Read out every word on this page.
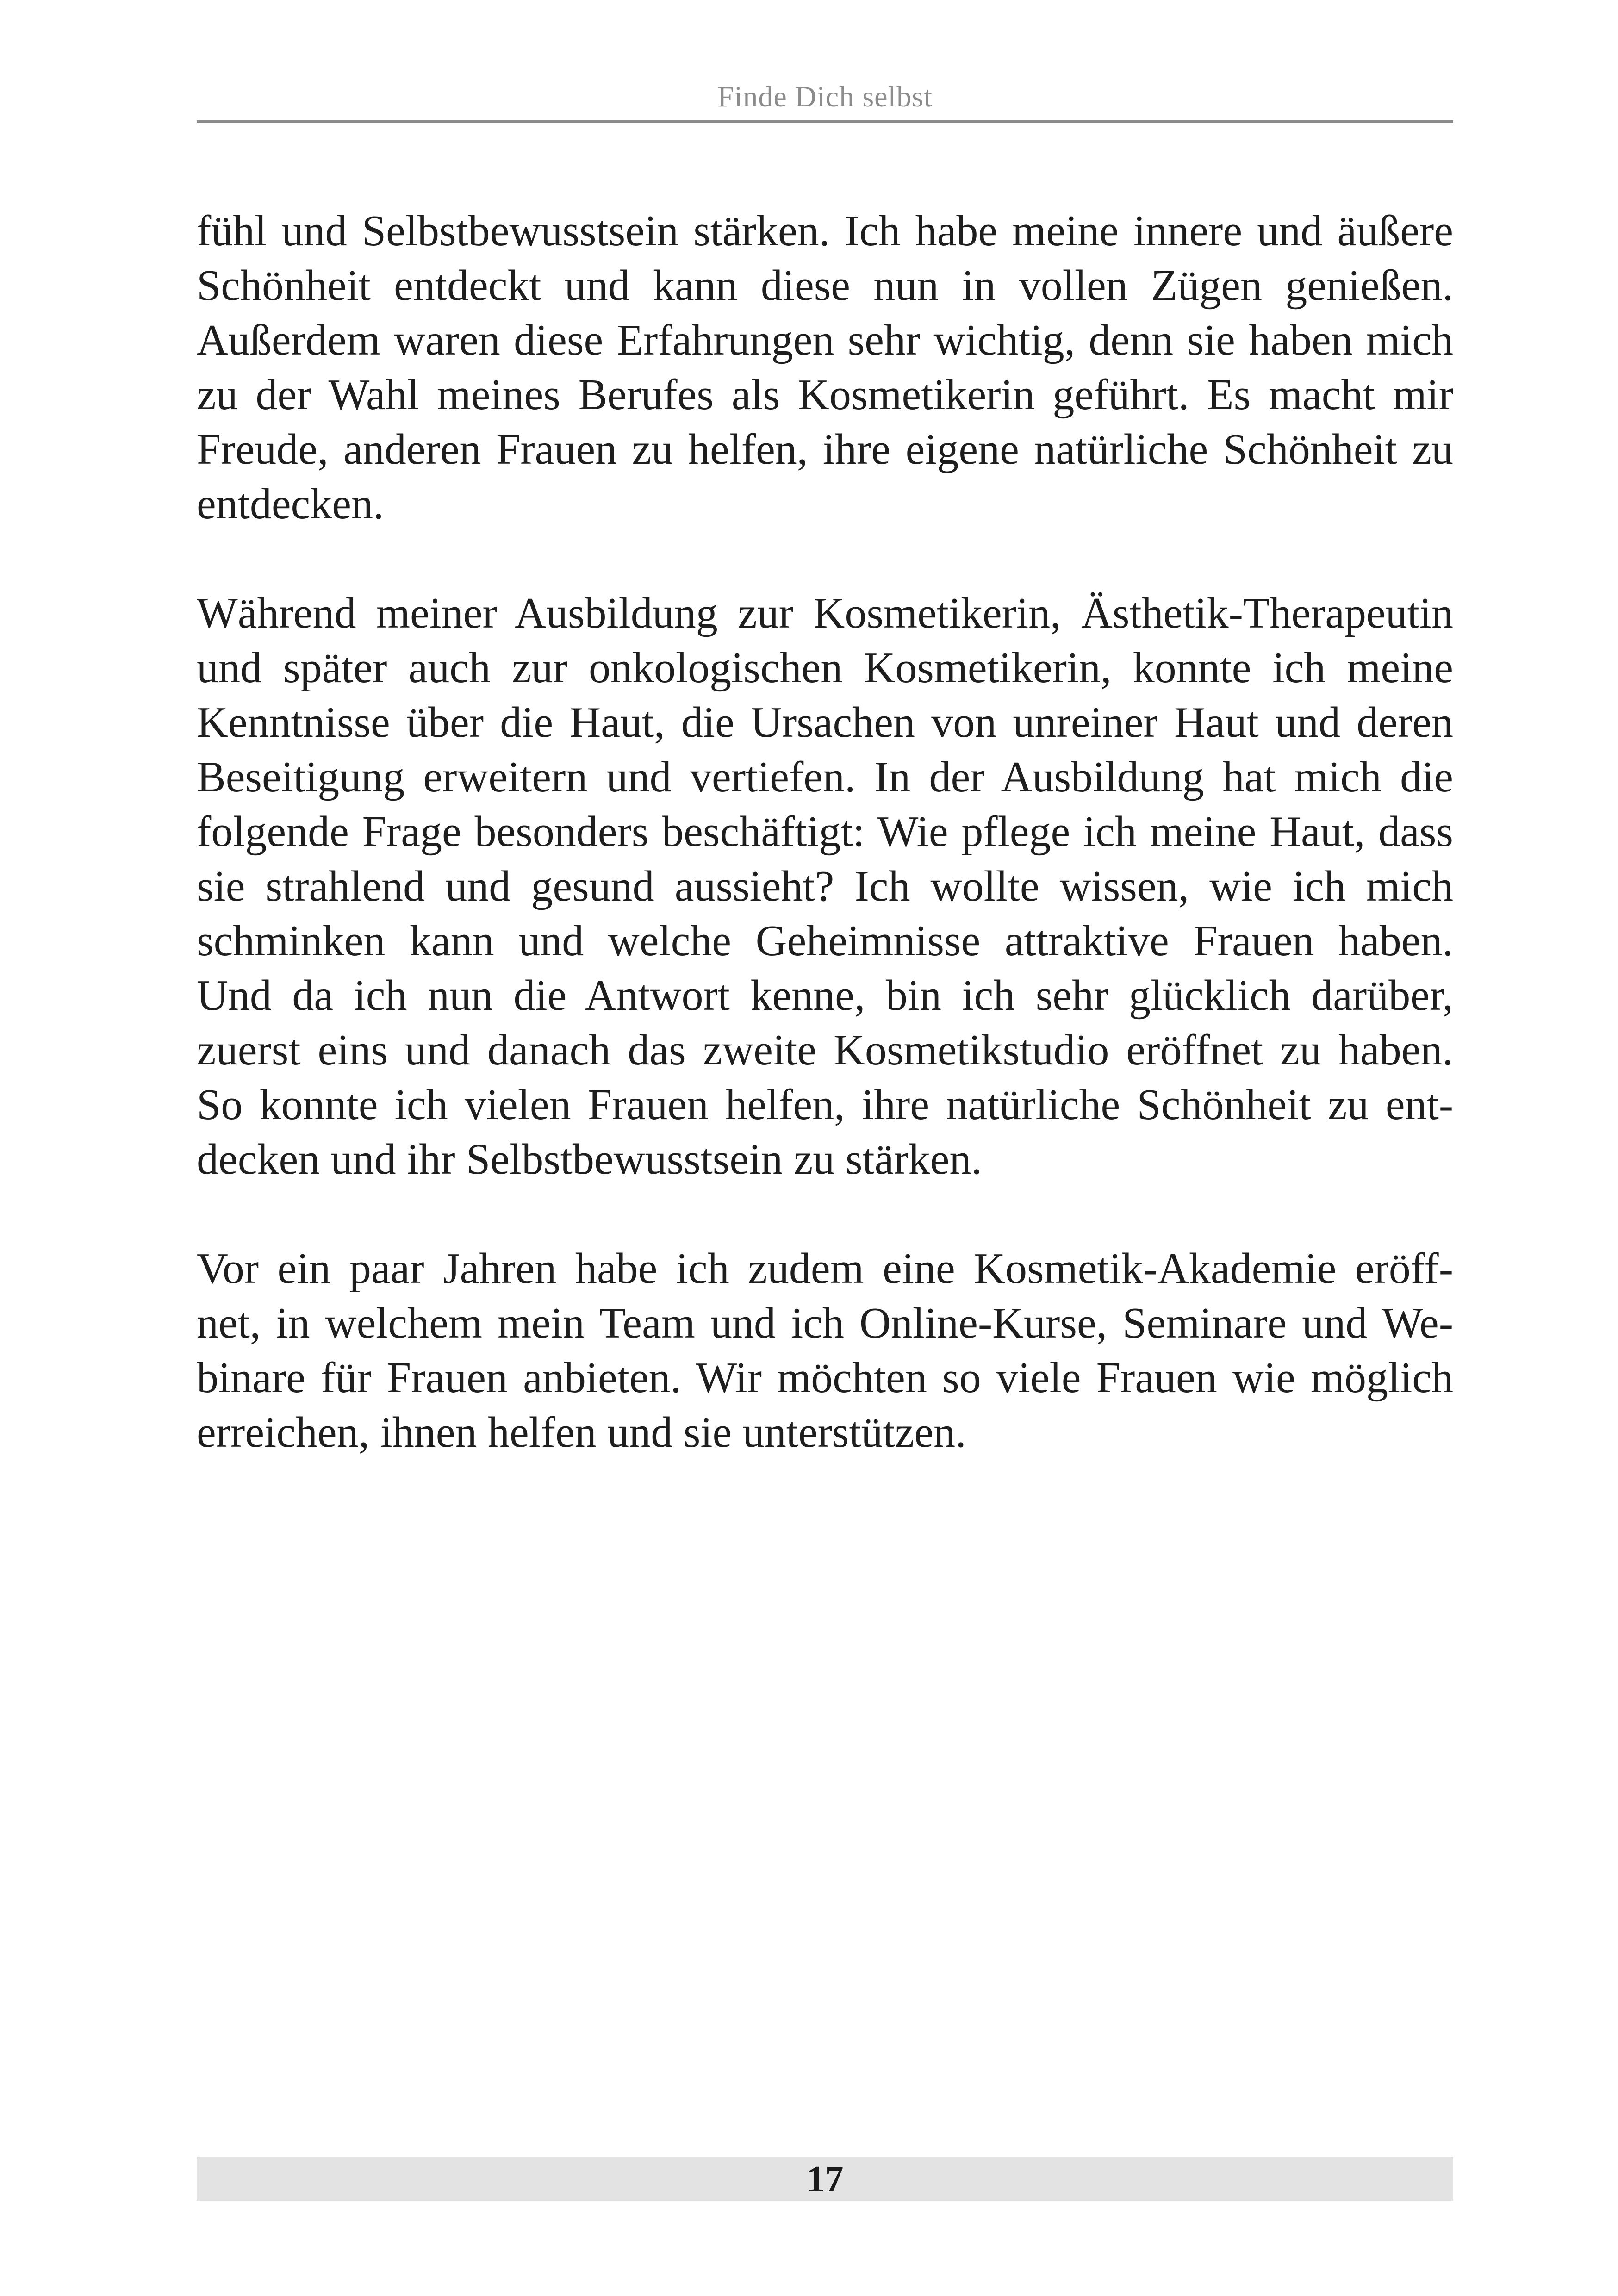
Finde Dich selbst

fühl und Selbstbewusstsein stärken. Ich habe meine innere und äußere
Schönheit entdeckt und kann diese nun in vollen Zügen genießen.
Außerdem waren diese Erfahrungen sehr wichtig, denn sie haben mich
zu der Wahl meines Berufes als Kosmetikerin geführt. Es macht mir
Freude, anderen Frauen zu helfen, ihre eigene natürliche Schönheit zu
entdecken.

Während meiner Ausbildung zur Kosmetikerin, Ästhetik-Therapeutin
und später auch zur onkologischen Kosmetikerin, konnte ich meine
Kenntnisse über die Haut, die Ursachen von unreiner Haut und deren
Beseitigung erweitern und vertiefen. In der Ausbildung hat mich die
folgende Frage besonders beschäftigt: Wie pflege ich meine Haut, dass
sie strahlend und gesund aussieht? Ich wollte wissen, wie ich mich
schminken kann und welche Geheimnisse attraktive Frauen haben.
Und da ich nun die Antwort kenne, bin ich sehr glücklich darüber,
zuerst eins und danach das zweite Kosmetikstudio eröffnet zu haben.
So konnte ich vielen Frauen helfen, ihre natürliche Schönheit zu ent-
decken und ihr Selbstbewusstsein zu stärken.

Vor ein paar Jahren habe ich zudem eine Kosmetik-Akademie eröff-
net, in welchem mein Team und ich Online-Kurse, Seminare und We-
binare für Frauen anbieten. Wir möchten so viele Frauen wie möglich
erreichen, ihnen helfen und sie unterstützen.

17
